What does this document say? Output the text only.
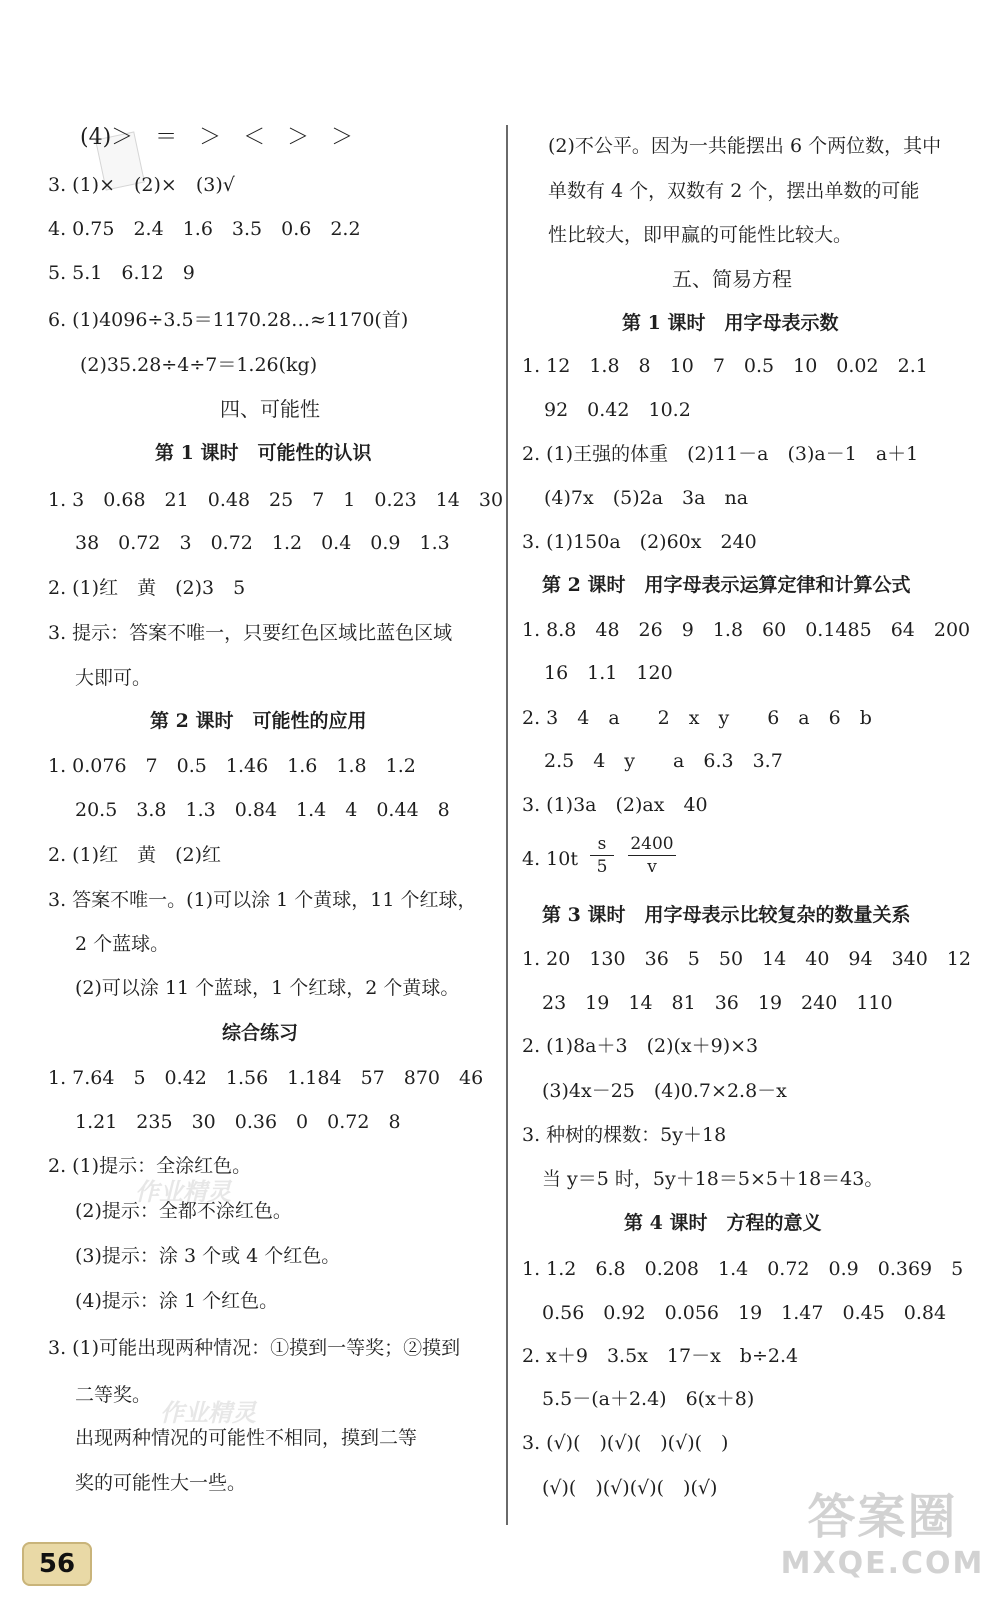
(4)＞　＝　＞　＜　＞　＞
3. (1)×　(2)×　(3)√
4. 0.75　2.4　1.6　3.5　0.6　2.2
5. 5.1　6.12　9
6. (1)4096÷3.5＝1170.28…≈1170(首)
(2)35.28÷4÷7＝1.26(kg)
四、可能性
第 1 课时　可能性的认识
1. 3　0.68　21　0.48　25　7　1　0.23　14　30
38　0.72　3　0.72　1.2　0.4　0.9　1.3
2. (1)红　黄　(2)3　5
3. 提示：答案不唯一，只要红色区域比蓝色区域
大即可。
第 2 课时　可能性的应用
1. 0.076　7　0.5　1.46　1.6　1.8　1.2
20.5　3.8　1.3　0.84　1.4　4　0.44　8
2. (1)红　黄　(2)红
3. 答案不唯一。(1)可以涂 1 个黄球，11 个红球，
2 个蓝球。
(2)可以涂 11 个蓝球，1 个红球，2 个黄球。
综合练习
1. 7.64　5　0.42　1.56　1.184　57　870　46
1.21　235　30　0.36　0　0.72　8
2. (1)提示：全涂红色。
(2)提示：全都不涂红色。
(3)提示：涂 3 个或 4 个红色。
(4)提示：涂 1 个红色。
3. (1)可能出现两种情况：①摸到一等奖；②摸到
二等奖。
出现两种情况的可能性不相同，摸到二等
奖的可能性大一些。
(2)不公平。因为一共能摆出 6 个两位数，其中
单数有 4 个，双数有 2 个，摆出单数的可能
性比较大，即甲赢的可能性比较大。
五、简易方程
第 1 课时　用字母表示数
1. 12　1.8　8　10　7　0.5　10　0.02　2.1
92　0.42　10.2
2. (1)王强的体重　(2)11－a　(3)a－1　a＋1
(4)7x　(5)2a　3a　na
3. (1)150a　(2)60x　240
第 2 课时　用字母表示运算定律和计算公式
1. 8.8　48　26　9　1.8　60　0.1485　64　200
16　1.1　120
2. 3　4　a　　2　x　y　　6　a　6　b
2.5　4　y　　a　6.3　3.7
3. (1)3a　(2)ax　40
4. 10t
s
5
2400
v
第 3 课时　用字母表示比较复杂的数量关系
1. 20　130　36　5　50　14　40　94　340　12
23　19　14　81　36　19　240　110
2. (1)8a＋3　(2)(x＋9)×3
(3)4x－25　(4)0.7×2.8－x
3. 种树的棵数：5y＋18
当 y＝5 时，5y＋18＝5×5＋18＝43。
第 4 课时　方程的意义
1. 1.2　6.8　0.208　1.4　0.72　0.9　0.369　5
0.56　0.92　0.056　19　1.47　0.45　0.84
2. x＋9　3.5x　17－x　b÷2.4
5.5－(a＋2.4)　6(x＋8)
3. (√)(　)(√)(　)(√)(　)
(√)(　)(√)(√)(　)(√)
作业精灵
作业精灵
56
答案圈
MXQE.COM
